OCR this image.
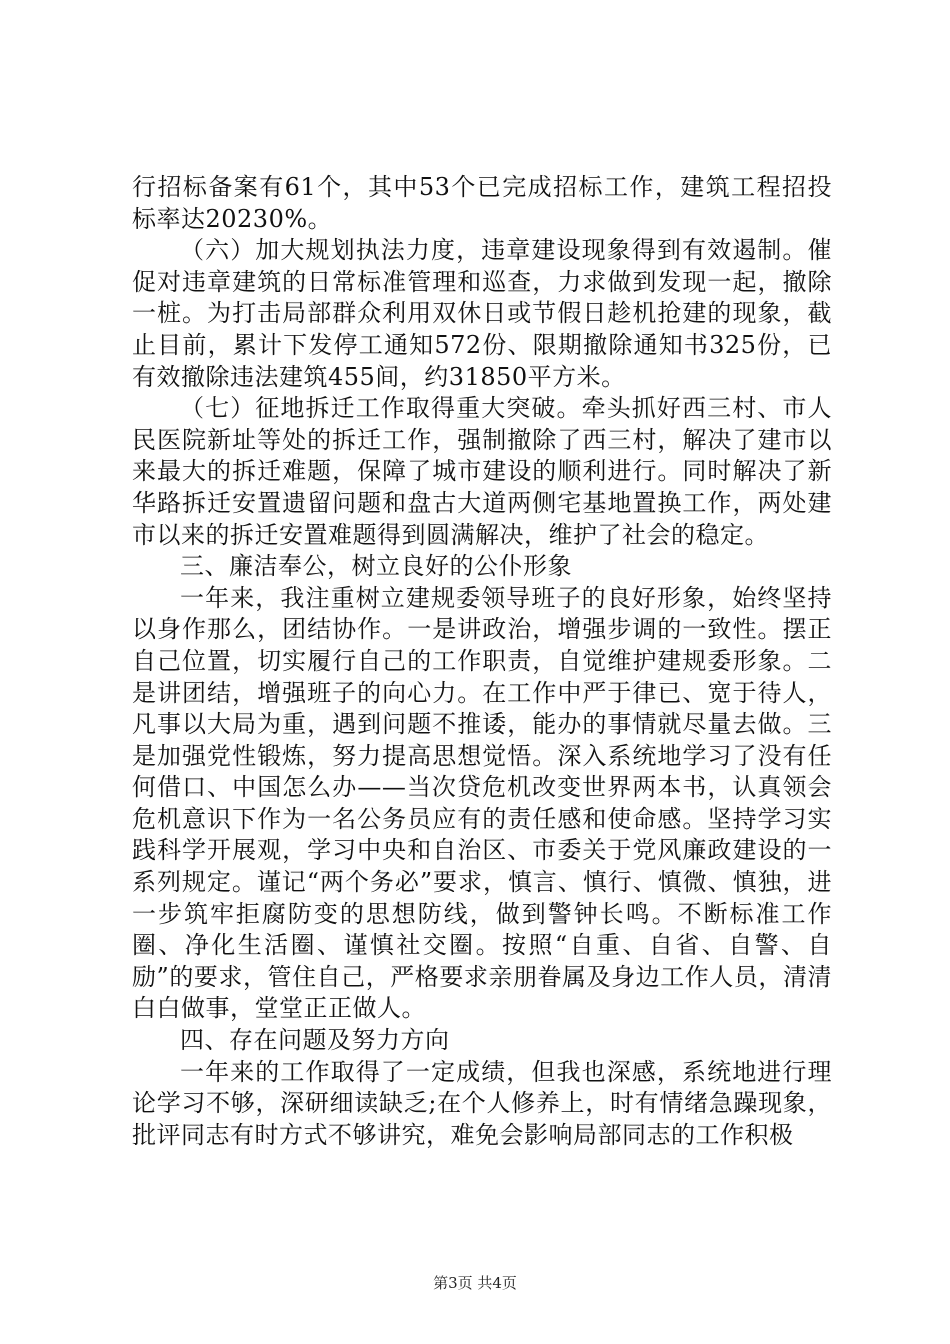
行招标备案有61个，其中53个已完成招标工作，建筑工程招投标率达20230%。

（六）加大规划执法力度，违章建设现象得到有效遏制。催促对违章建筑的日常标准管理和巡查，力求做到发现一起，撤除一桩。为打击局部群众利用双休日或节假日趁机抢建的现象，截止目前，累计下发停工通知572份、限期撤除通知书325份，已有效撤除违法建筑455间，约31850平方米。

（七）征地拆迁工作取得重大突破。牵头抓好西三村、市人民医院新址等处的拆迁工作，强制撤除了西三村，解决了建市以来最大的拆迁难题，保障了城市建设的顺利进行。同时解决了新华路拆迁安置遗留问题和盘古大道两侧宅基地置换工作，两处建市以来的拆迁安置难题得到圆满解决，维护了社会的稳定。

三、廉洁奉公，树立良好的公仆形象

一年来，我注重树立建规委领导班子的良好形象，始终坚持以身作那么，团结协作。一是讲政治，增强步调的一致性。摆正自己位置，切实履行自己的工作职责，自觉维护建规委形象。二是讲团结，增强班子的向心力。在工作中严于律已、宽于待人，凡事以大局为重，遇到问题不推诿，能办的事情就尽量去做。三是加强党性锻炼，努力提高思想觉悟。深入系统地学习了没有任何借口、中国怎么办——当次贷危机改变世界两本书，认真领会危机意识下作为一名公务员应有的责任感和使命感。坚持学习实践科学开展观，学习中央和自治区、市委关于党风廉政建设的一系列规定。谨记“两个务必”要求，慎言、慎行、慎微、慎独，进一步筑牢拒腐防变的思想防线，做到警钟长鸣。不断标准工作圈、净化生活圈、谨慎社交圈。按照“自重、自省、自警、自励”的要求，管住自己，严格要求亲朋眷属及身边工作人员，清清白白做事，堂堂正正做人。

四、存在问题及努力方向

一年来的工作取得了一定成绩，但我也深感，系统地进行理论学习不够，深研细读缺乏;在个人修养上，时有情绪急躁现象，批评同志有时方式不够讲究，难免会影响局部同志的工作积极

第3页 共4页
